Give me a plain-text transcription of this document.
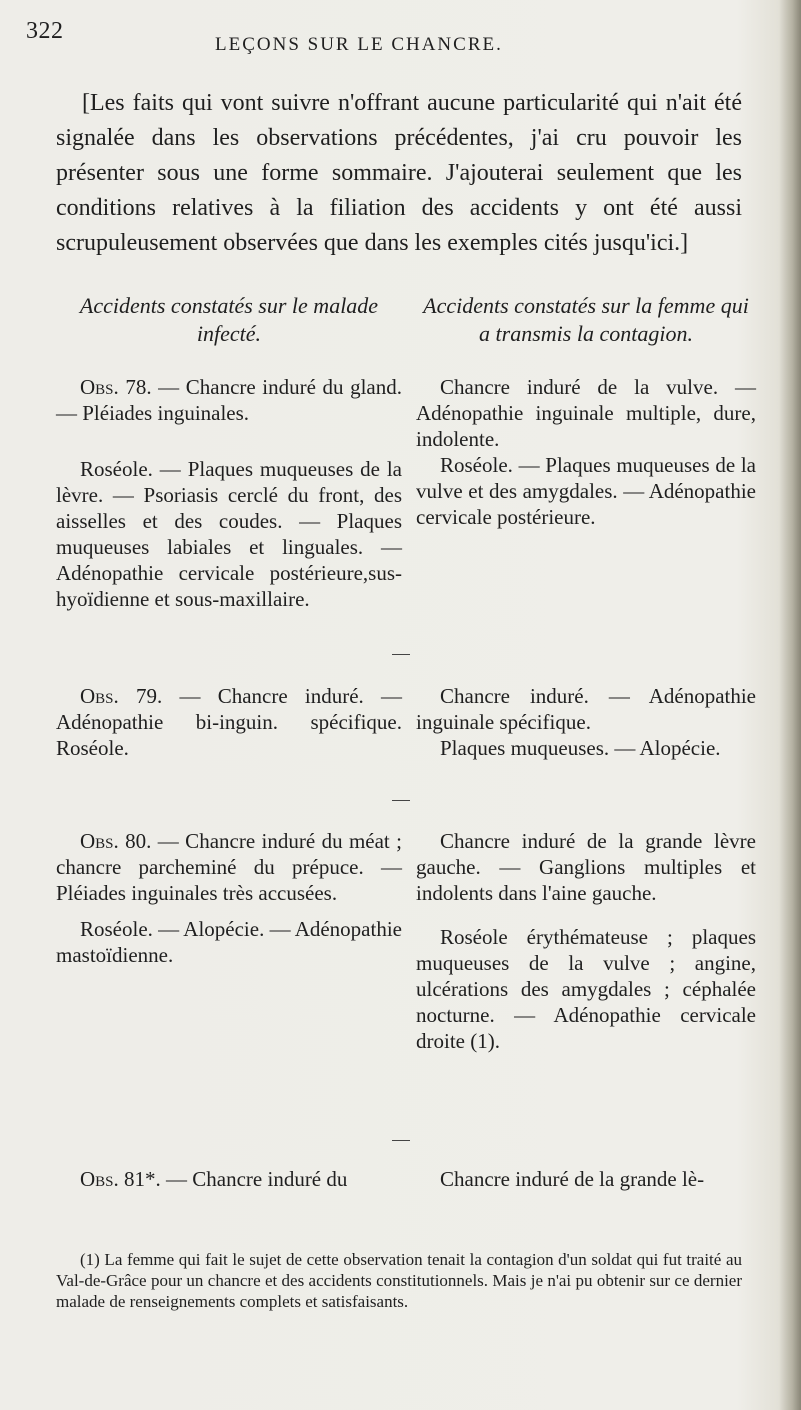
322
LEÇONS SUR LE CHANCRE.

[Les faits qui vont suivre n'offrant aucune particularité qui n'ait été signalée dans les observations précédentes, j'ai cru pouvoir les présenter sous une forme sommaire. J'ajouterai seulement que les conditions relatives à la filiation des accidents y ont été aussi scrupuleusement observées que dans les exemples cités jusqu'ici.]

Accidents constatés sur le malade infecté.
Accidents constatés sur la femme qui a transmis la contagion.

Obs. 78. — Chancre induré du gland.— Pléiades inguinales.

Roséole. — Plaques muqueuses de la lèvre. — Psoriasis cerclé du front, des aisselles et des coudes. — Plaques muqueuses labiales et linguales. — Adénopathie cervicale postérieure,sus-hyoïdienne et sous-maxillaire.

Chancre induré de la vulve. — Adénopathie inguinale multiple, dure, indolente.

Roséole. — Plaques muqueuses de la vulve et des amygdales. — Adénopathie cervicale postérieure.

Obs. 79. — Chancre induré. — Adénopathie bi-inguin. spécifique. Roséole.

Chancre induré. — Adénopathie inguinale spécifique.

Plaques muqueuses. — Alopécie.

Obs. 80. — Chancre induré du méat ; chancre parcheminé du prépuce. — Pléiades inguinales très accusées.

Roséole. — Alopécie. — Adénopathie mastoïdienne.

Chancre induré de la grande lèvre gauche. — Ganglions multiples et indolents dans l'aine gauche.

Roséole érythémateuse ; plaques muqueuses de la vulve ; angine, ulcérations des amygdales ; céphalée nocturne. — Adénopathie cervicale droite (1).

Obs. 81*. — Chancre induré du	Chancre induré de la grande lè-

(1) La femme qui fait le sujet de cette observation tenait la contagion d'un soldat qui fut traité au Val-de-Grâce pour un chancre et des accidents constitutionnels. Mais je n'ai pu obtenir sur ce dernier malade de renseignements complets et satisfaisants.
